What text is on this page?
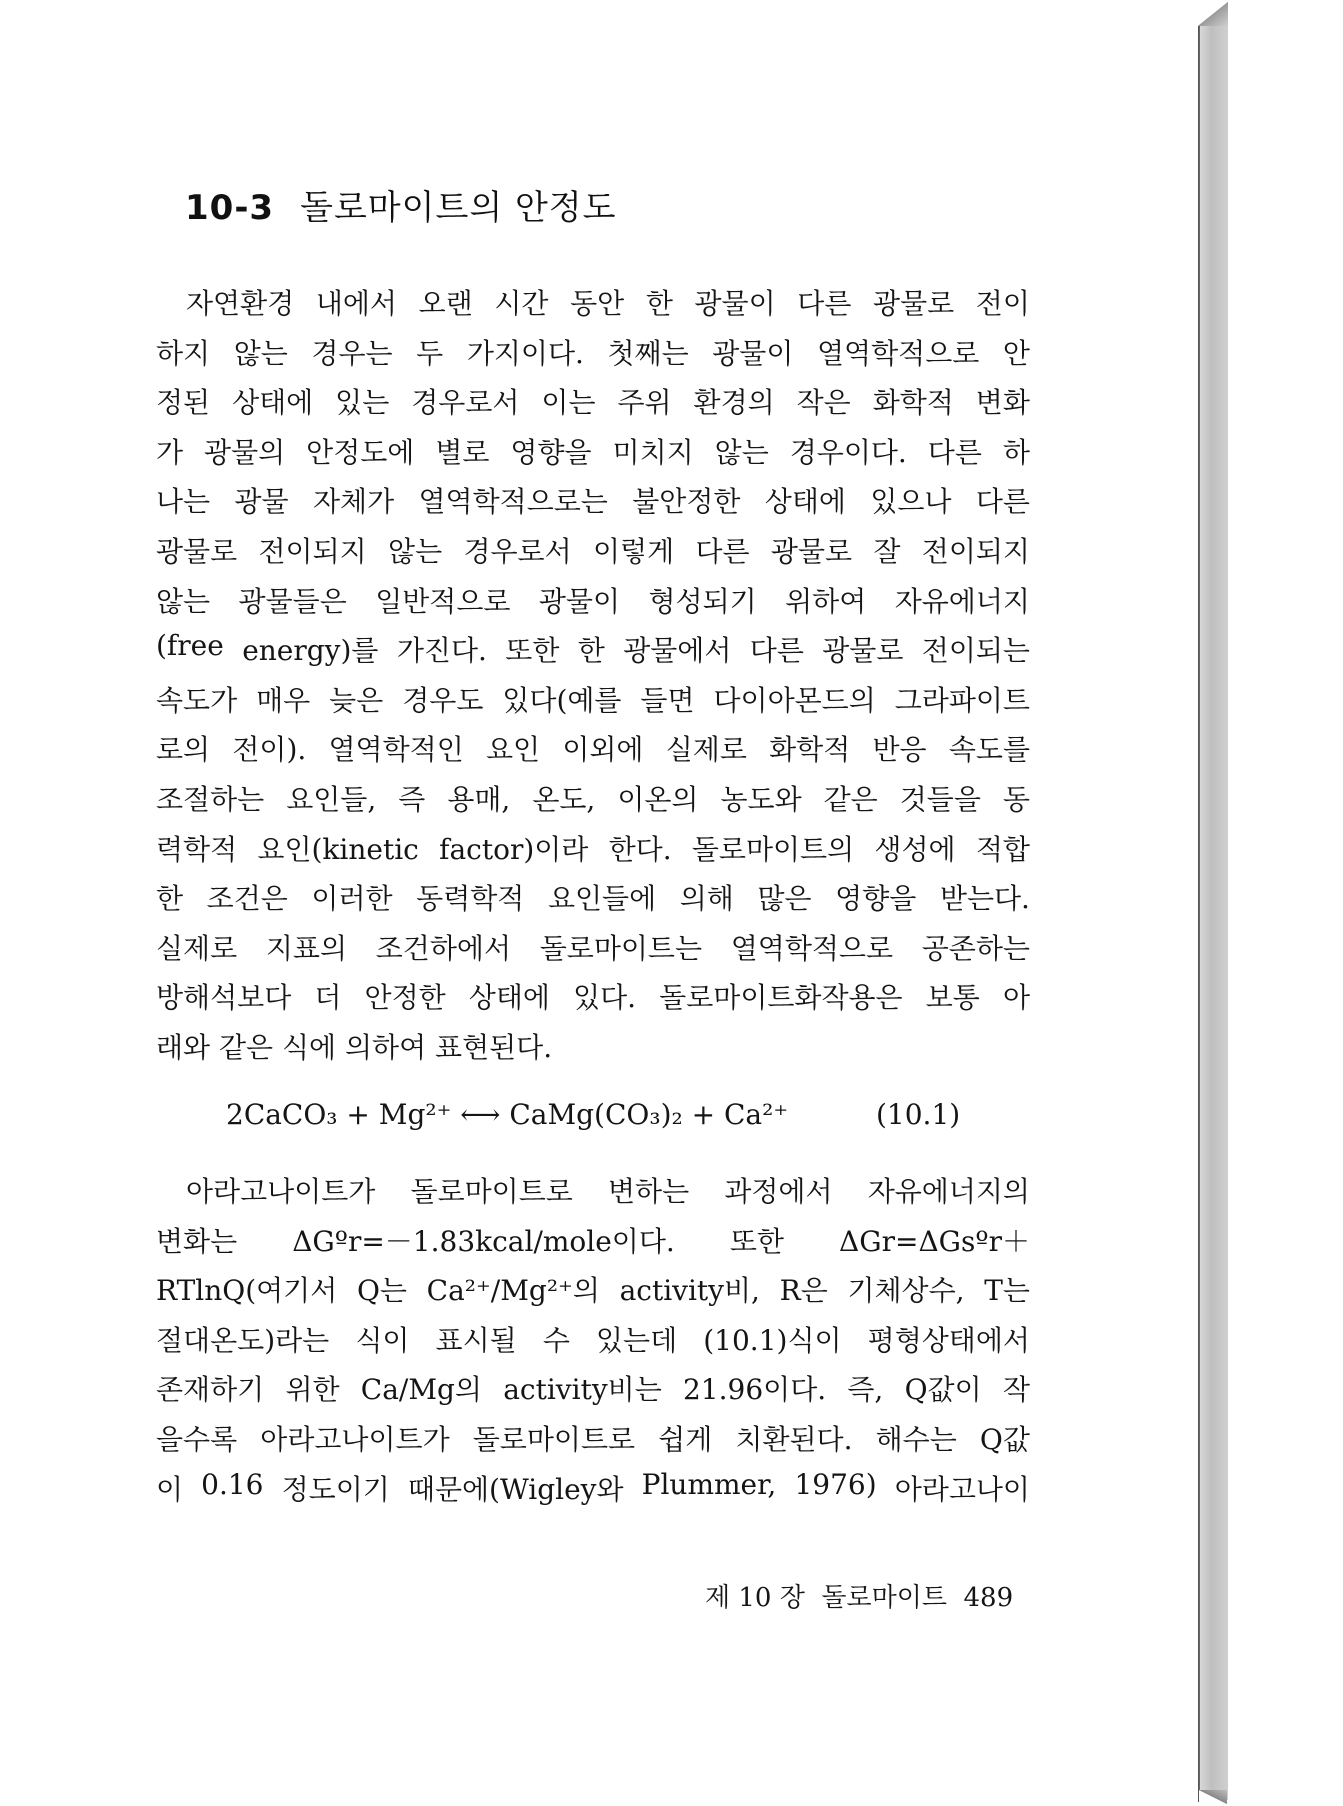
10-3 돌로마이트의 안정도
자연환경 내에서 오랜 시간 동안 한 광물이 다른 광물로 전이
하지 않는 경우는 두 가지이다. 첫째는 광물이 열역학적으로 안
정된 상태에 있는 경우로서 이는 주위 환경의 작은 화학적 변화
가 광물의 안정도에 별로 영향을 미치지 않는 경우이다. 다른 하
나는 광물 자체가 열역학적으로는 불안정한 상태에 있으나 다른
광물로 전이되지 않는 경우로서 이렇게 다른 광물로 잘 전이되지
않는 광물들은 일반적으로 광물이 형성되기 위하여 자유에너지
(free energy)를 가진다. 또한 한 광물에서 다른 광물로 전이되는
속도가 매우 늦은 경우도 있다(예를 들면 다이아몬드의 그라파이트
로의 전이). 열역학적인 요인 이외에 실제로 화학적 반응 속도를
조절하는 요인들, 즉 용매, 온도, 이온의 농도와 같은 것들을 동
력학적 요인(kinetic factor)이라 한다. 돌로마이트의 생성에 적합
한 조건은 이러한 동력학적 요인들에 의해 많은 영향을 받는다.
실제로 지표의 조건하에서 돌로마이트는 열역학적으로 공존하는
방해석보다 더 안정한 상태에 있다. 돌로마이트화작용은 보통 아
래와 같은 식에 의하여 표현된다.
2CaCO₃ + Mg²⁺ ⟷ CaMg(CO₃)₂ + Ca²⁺	(10.1)
아라고나이트가 돌로마이트로 변하는 과정에서 자유에너지의
변화는 ΔGºr=－1.83kcal/mole이다. 또한 ΔGr=ΔGsºr＋
RTlnQ(여기서 Q는 Ca²⁺/Mg²⁺의 activity비, R은 기체상수, T는
절대온도)라는 식이 표시될 수 있는데 (10.1)식이 평형상태에서
존재하기 위한 Ca/Mg의 activity비는 21.96이다. 즉, Q값이 작
을수록 아라고나이트가 돌로마이트로 쉽게 치환된다. 해수는 Q값
이 0.16 정도이기 때문에(Wigley와 Plummer, 1976) 아라고나이
제 10 장 돌로마이트 489
